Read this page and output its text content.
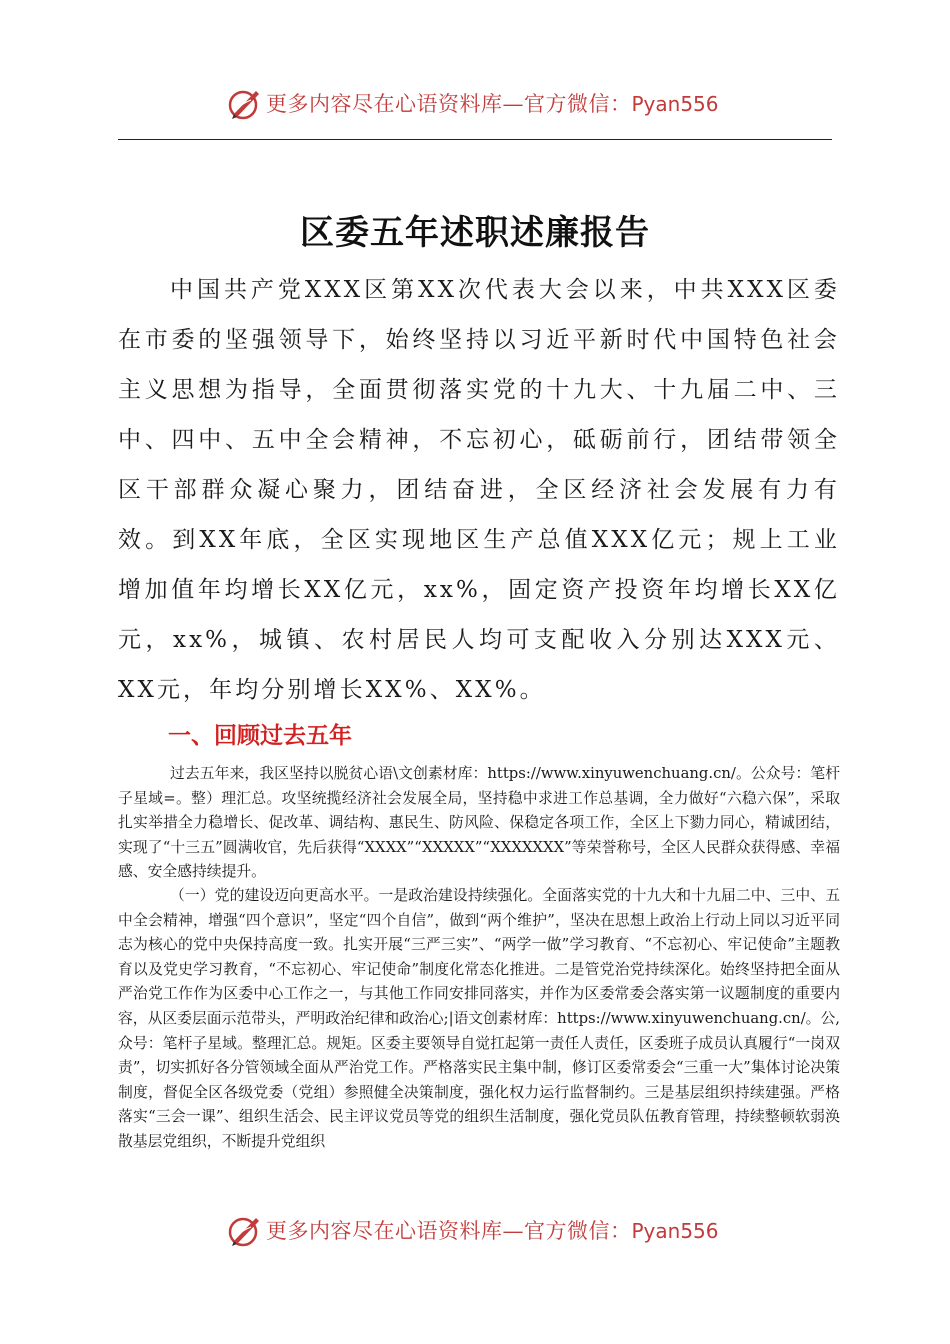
更多内容尽在心语资料库—官方微信：Pyan556
区委五年述职述廉报告

中国共产党XXX区第XX次代表大会以来，中共XXX区委在市委的坚强领导下，始终坚持以习近平新时代中国特色社会主义思想为指导，全面贯彻落实党的十九大、十九届二中、三中、四中、五中全会精神，不忘初心，砥砺前行，团结带领全区干部群众凝心聚力，团结奋进，全区经济社会发展有力有效。到XX年底，全区实现地区生产总值XXX亿元；规上工业增加值年均增长XX亿元，xx%，固定资产投资年均增长XX亿元，xx%，城镇、农村居民人均可支配收入分别达XXX元、XX元，年均分别增长XX%、XX%。

一、回顾过去五年

过去五年来，我区坚持以脱贫心语\文创素材库：https://www.xinyuwenchuang.cn/。公众号：笔杆子星域=。整）理汇总。攻坚统揽经济社会发展全局，坚持稳中求进工作总基调，全力做好“六稳六保”，采取扎实举措全力稳增长、促改革、调结构、惠民生、防风险、保稳定各项工作，全区上下勠力同心，精诚团结，实现了“十三五”圆满收官，先后获得“XXXX”“XXXXX”“XXXXXXX”等荣誉称号，全区人民群众获得感、幸福感、安全感持续提升。

（一）党的建设迈向更高水平。一是政治建设持续强化。全面落实党的十九大和十九届二中、三中、五中全会精神，增强“四个意识”，坚定“四个自信”，做到“两个维护”，坚决在思想上政治上行动上同以习近平同志为核心的党中央保持高度一致。扎实开展“三严三实”、“两学一做”学习教育、“不忘初心、牢记使命”主题教育以及党史学习教育，“不忘初心、牢记使命”制度化常态化推进。二是管党治党持续深化。始终坚持把全面从严治党工作作为区委中心工作之一，与其他工作同安排同落实，并作为区委常委会落实第一议题制度的重要内容，从区委层面示范带头，严明政治纪律和政治心;|语文创素材库：https://www.xinyuwenchuang.cn/。公,众号：笔杆子星域。整理汇总。规矩。区委主要领导自觉扛起第一责任人责任，区委班子成员认真履行“一岗双责”，切实抓好各分管领域全面从严治党工作。严格落实民主集中制，修订区委常委会“三重一大”集体讨论决策制度，督促全区各级党委（党组）参照健全决策制度，强化权力运行监督制约。三是基层组织持续建强。严格落实“三会一课”、组织生活会、民主评议党员等党的组织生活制度，强化党员队伍教育管理，持续整顿软弱涣散基层党组织，不断提升党组织

更多内容尽在心语资料库—官方微信：Pyan556
